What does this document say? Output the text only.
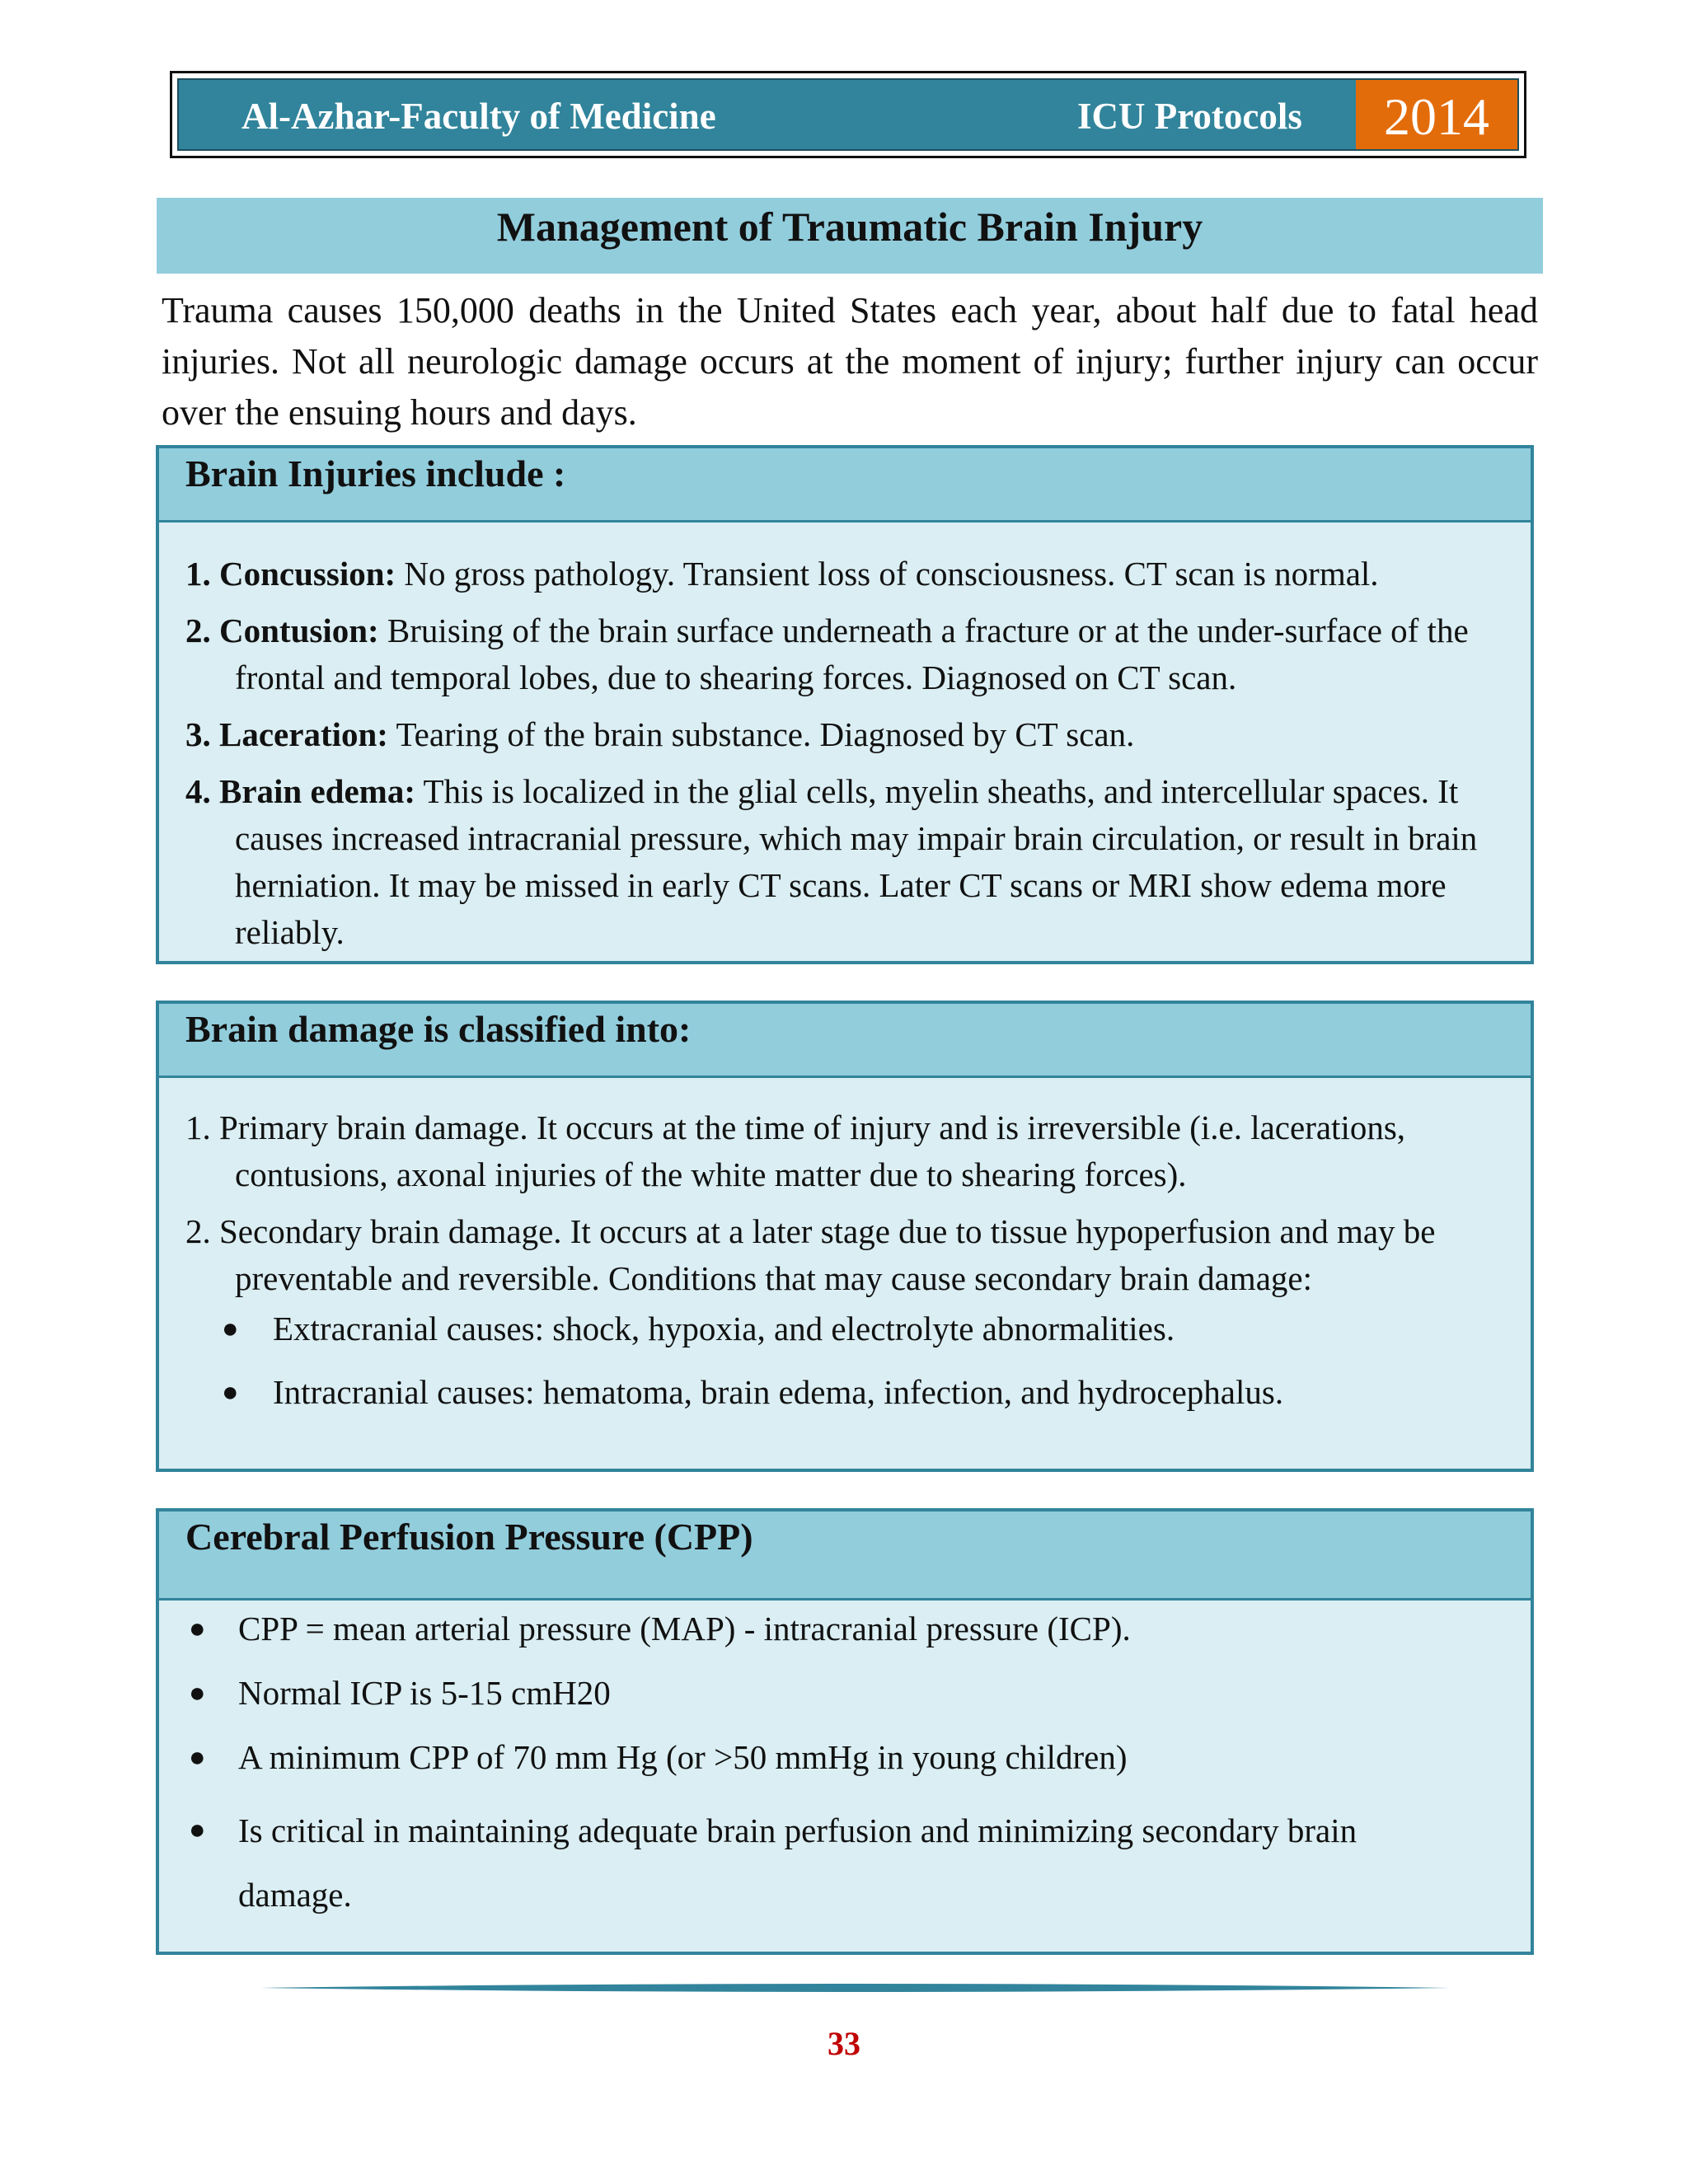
Al-Azhar-Faculty of Medicine	ICU Protocols	2014
Management of Traumatic Brain Injury

Trauma causes 150,000 deaths in the United States each year, about half due to fatal head injuries. Not all neurologic damage occurs at the moment of injury; further injury can occur over the ensuing hours and days.

Brain Injuries include :

1. Concussion: No gross pathology. Transient loss of consciousness. CT scan is normal.

2. Contusion: Bruising of the brain surface underneath a fracture or at the under-surface of the frontal and temporal lobes, due to shearing forces. Diagnosed on CT scan.

3. Laceration: Tearing of the brain substance. Diagnosed by CT scan.

4. Brain edema: This is localized in the glial cells, myelin sheaths, and intercellular spaces. It causes increased intracranial pressure, which may impair brain circulation, or result in brain herniation. It may be missed in early CT scans. Later CT scans or MRI show edema more reliably.

Brain damage is classified into:

1. Primary brain damage. It occurs at the time of injury and is irreversible (i.e. lacerations, contusions, axonal injuries of the white matter due to shearing forces).

2. Secondary brain damage. It occurs at a later stage due to tissue hypoperfusion and may be preventable and reversible. Conditions that may cause secondary brain damage:

● Extracranial causes: shock, hypoxia, and electrolyte abnormalities.
● Intracranial causes: hematoma, brain edema, infection, and hydrocephalus.
Cerebral Perfusion Pressure (CPP)
● CPP = mean arterial pressure (MAP) - intracranial pressure (ICP).
● Normal ICP is 5-15 cmH20
● A minimum CPP of 70 mm Hg (or >50 mmHg in young children)
● Is critical in maintaining adequate brain perfusion and minimizing secondary brain damage.
33
